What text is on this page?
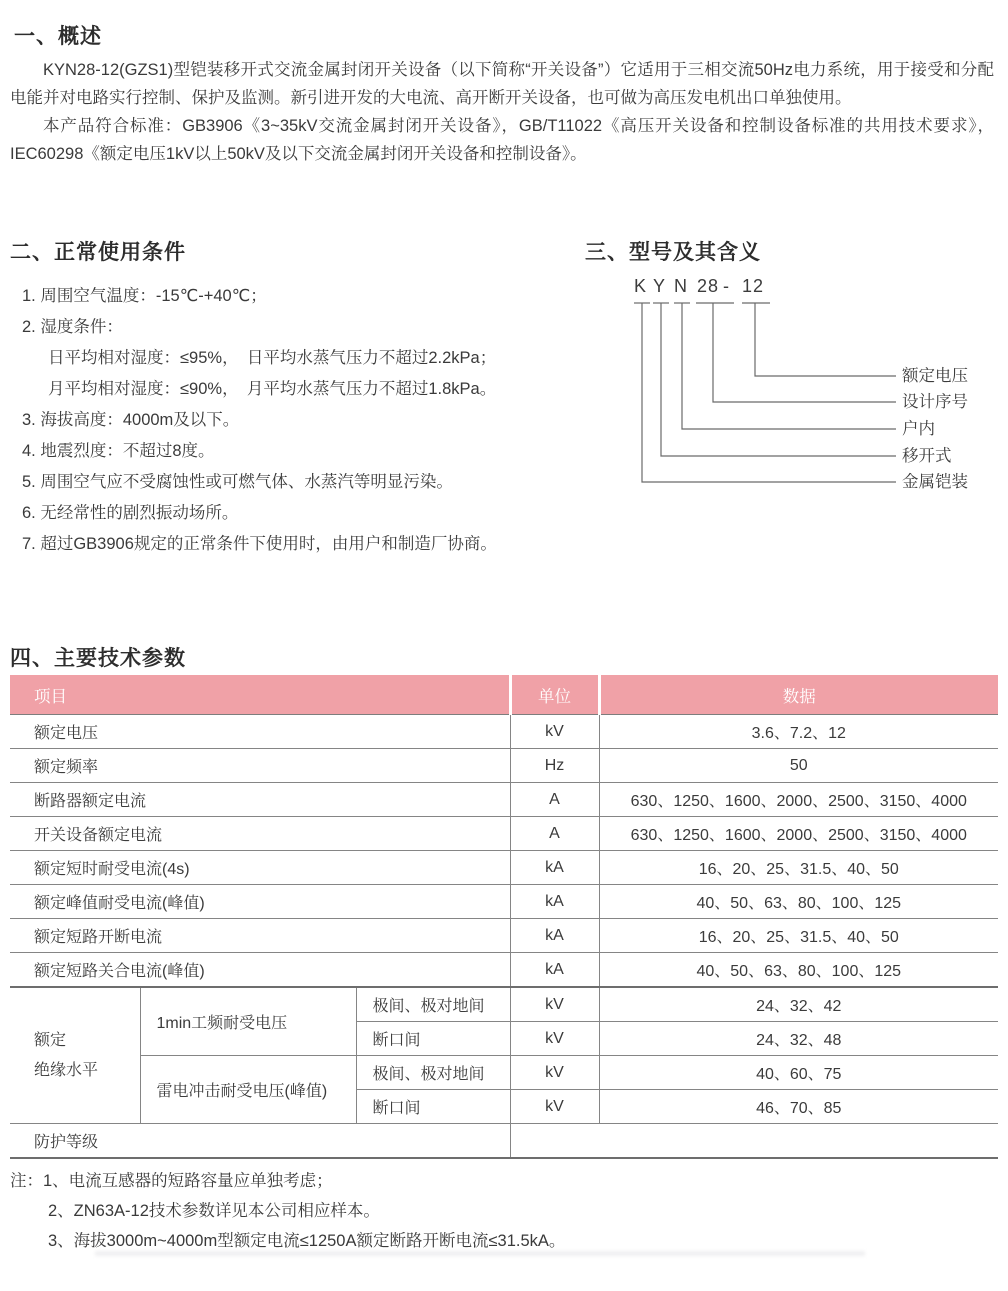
一、概述

KYN28-12(GZS1)型铠装移开式交流金属封闭开关设备（以下简称“开关设备”）它适用于三相交流50Hz电力系统，用于接受和分配电能并对电路实行控制、保护及监测。新引进开发的大电流、高开断开关设备，也可做为高压发电机出口单独使用。

本产品符合标准：GB3906《3~35kV交流金属封闭开关设备》，GB/T11022《高压开关设备和控制设备标准的共用技术要求》，IEC60298《额定电压1kV以上50kV及以下交流金属封闭开关设备和控制设备》。

二、正常使用条件
1. 周围空气温度：-15℃-+40℃；
2. 湿度条件：
日平均相对湿度：≤95%，　日平均水蒸气压力不超过2.2kPa；
月平均相对湿度：≤90%，　月平均水蒸气压力不超过1.8kPa。
3. 海拔高度：4000m及以下。
4. 地震烈度：不超过8度。
5. 周围空气应不受腐蚀性或可燃气体、水蒸汽等明显污染。
6. 无经常性的剧烈振动场所。
7. 超过GB3906规定的正常条件下使用时，由用户和制造厂协商。
三、型号及其含义
K Y N 28 - 12
额定电压
设计序号
户内
移开式
金属铠装
四、主要技术参数
项目			单位	数据
额定电压			kV	3.6、7.2、12
额定频率			Hz	50
断路器额定电流			A	630、1250、1600、2000、2500、3150、4000
开关设备额定电流			A	630、1250、1600、2000、2500、3150、4000
额定短时耐受电流(4s)			kA	16、20、25、31.5、40、50
额定峰值耐受电流(峰值)			kA	40、50、63、80、100、125
额定短路开断电流			kA	16、20、25、31.5、40、50
额定短路关合电流(峰值)			kA	40、50、63、80、100、125

额定
绝缘水平	1min工频耐受电压	极间、极对地间	kV	24、32、42
		断口间	kV	24、32、48
	雷电冲击耐受电压(峰值)	极间、极对地间	kV	40、60、75
		断口间	kV	46、70、85
防护等级				
注：1、电流互感器的短路容量应单独考虑；
2、ZN63A-12技术参数详见本公司相应样本。
3、海拔3000m~4000m型额定电流≤1250A额定断路开断电流≤31.5kA。
